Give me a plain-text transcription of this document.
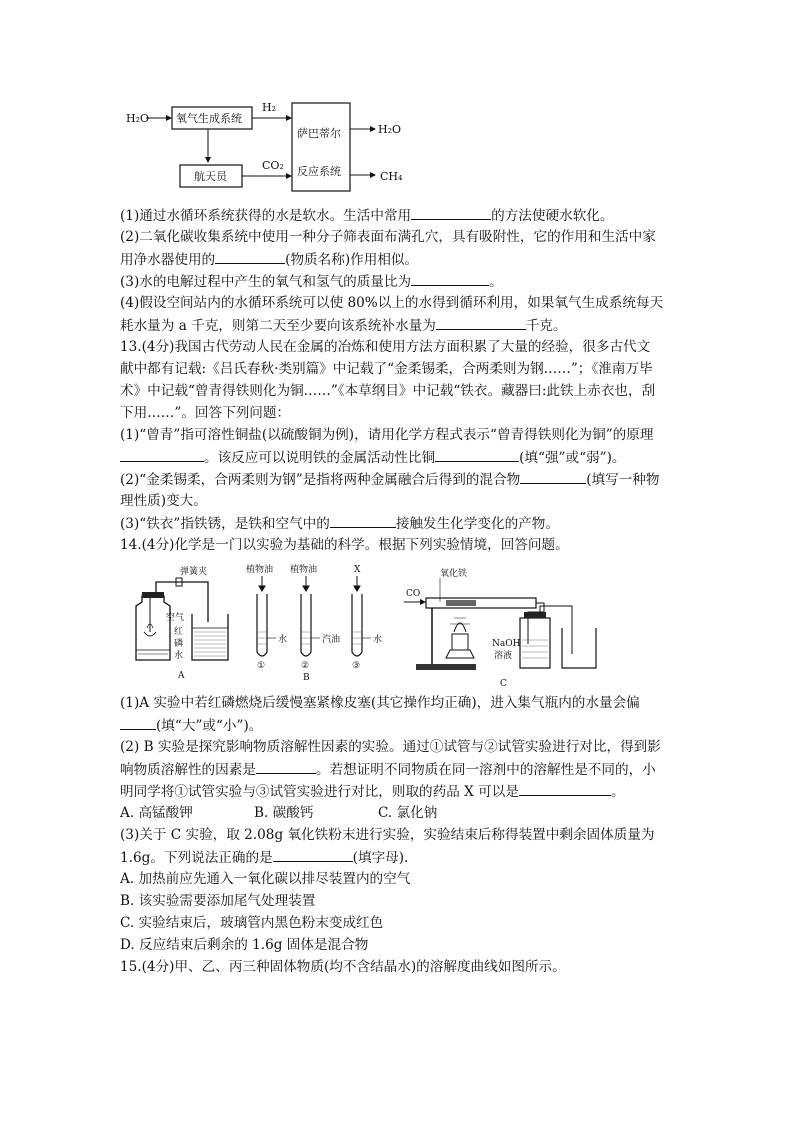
H₂O 氧气生成系统
H₂
航天员
CO₂
萨巴蒂尔
反应系统
H₂O
CH₄
(1)通过水循环系统获得的水是软水。生活中常用	的方法使硬水软化。
(2)二氧化碳收集系统中使用一种分子筛表面布满孔穴，具有吸附性，它的作用和生活中家
用净水器使用的	(物质名称)作用相似。
(3)水的电解过程中产生的氧气和氢气的质量比为	。
(4)假设空间站内的水循环系统可以使 80%以上的水得到循环利用，如果氧气生成系统每天
耗水量为 a 千克，则第二天至少要向该系统补水量为	千克。
13.(4分)我国古代劳动人民在金属的冶炼和使用方法方面积累了大量的经验，很多古代文
献中都有记载:《吕氏春秋·类别篇》中记载了“金柔锡柔，合两柔则为钢……”；《淮南万毕
术》中记载“曾青得铁则化为铜……”《本草纲目》中记载“铁衣。藏器曰:此铁上赤衣也，刮
下用……”。回答下列问题：
(1)“曾青”指可溶性铜盐(以硫酸铜为例)，请用化学方程式表示“曾青得铁则化为铜”的原理
。该反应可以说明铁的金属活动性比铜	(填“强”或“弱”)。
(2)“金柔锡柔，合两柔则为钢”是指将两种金属融合后得到的混合物	(填写一种物
理性质)变大。
(3)“铁衣”指铁锈，是铁和空气中的	接触发生化学变化的产物。
14.(4分)化学是一门以实验为基础的科学。根据下列实验情境，回答问题。
弹簧夹
空气
红
磷
水
A
植物油 植物油	X
水	汽油	水
①	②	③
B
CO
氧化铁
NaOH
溶液
C
(1)A 实验中若红磷燃烧后缓慢塞紧橡皮塞(其它操作均正确)，进入集气瓶内的水量会偏
(填“大”或“小”)。
(2) B 实验是探究影响物质溶解性因素的实验。通过①试管与②试管实验进行对比，得到影
响物质溶解性的因素是	。若想证明不同物质在同一溶剂中的溶解性是不同的，小
明同学将①试管实验与③试管实验进行对比，则取的药品 X 可以是	。
A. 高锰酸钾	B. 碳酸钙	C. 氯化钠
(3)关于 C 实验，取 2.08g 氧化铁粉末进行实验，实验结束后称得装置中剩余固体质量为
1.6g。下列说法正确的是	(填字母).
A. 加热前应先通入一氧化碳以排尽装置内的空气
B. 该实验需要添加尾气处理装置
C. 实验结束后，玻璃管内黑色粉末变成红色
D. 反应结束后剩余的 1.6g 固体是混合物
15.(4分)甲、乙、丙三种固体物质(均不含结晶水)的溶解度曲线如图所示。
